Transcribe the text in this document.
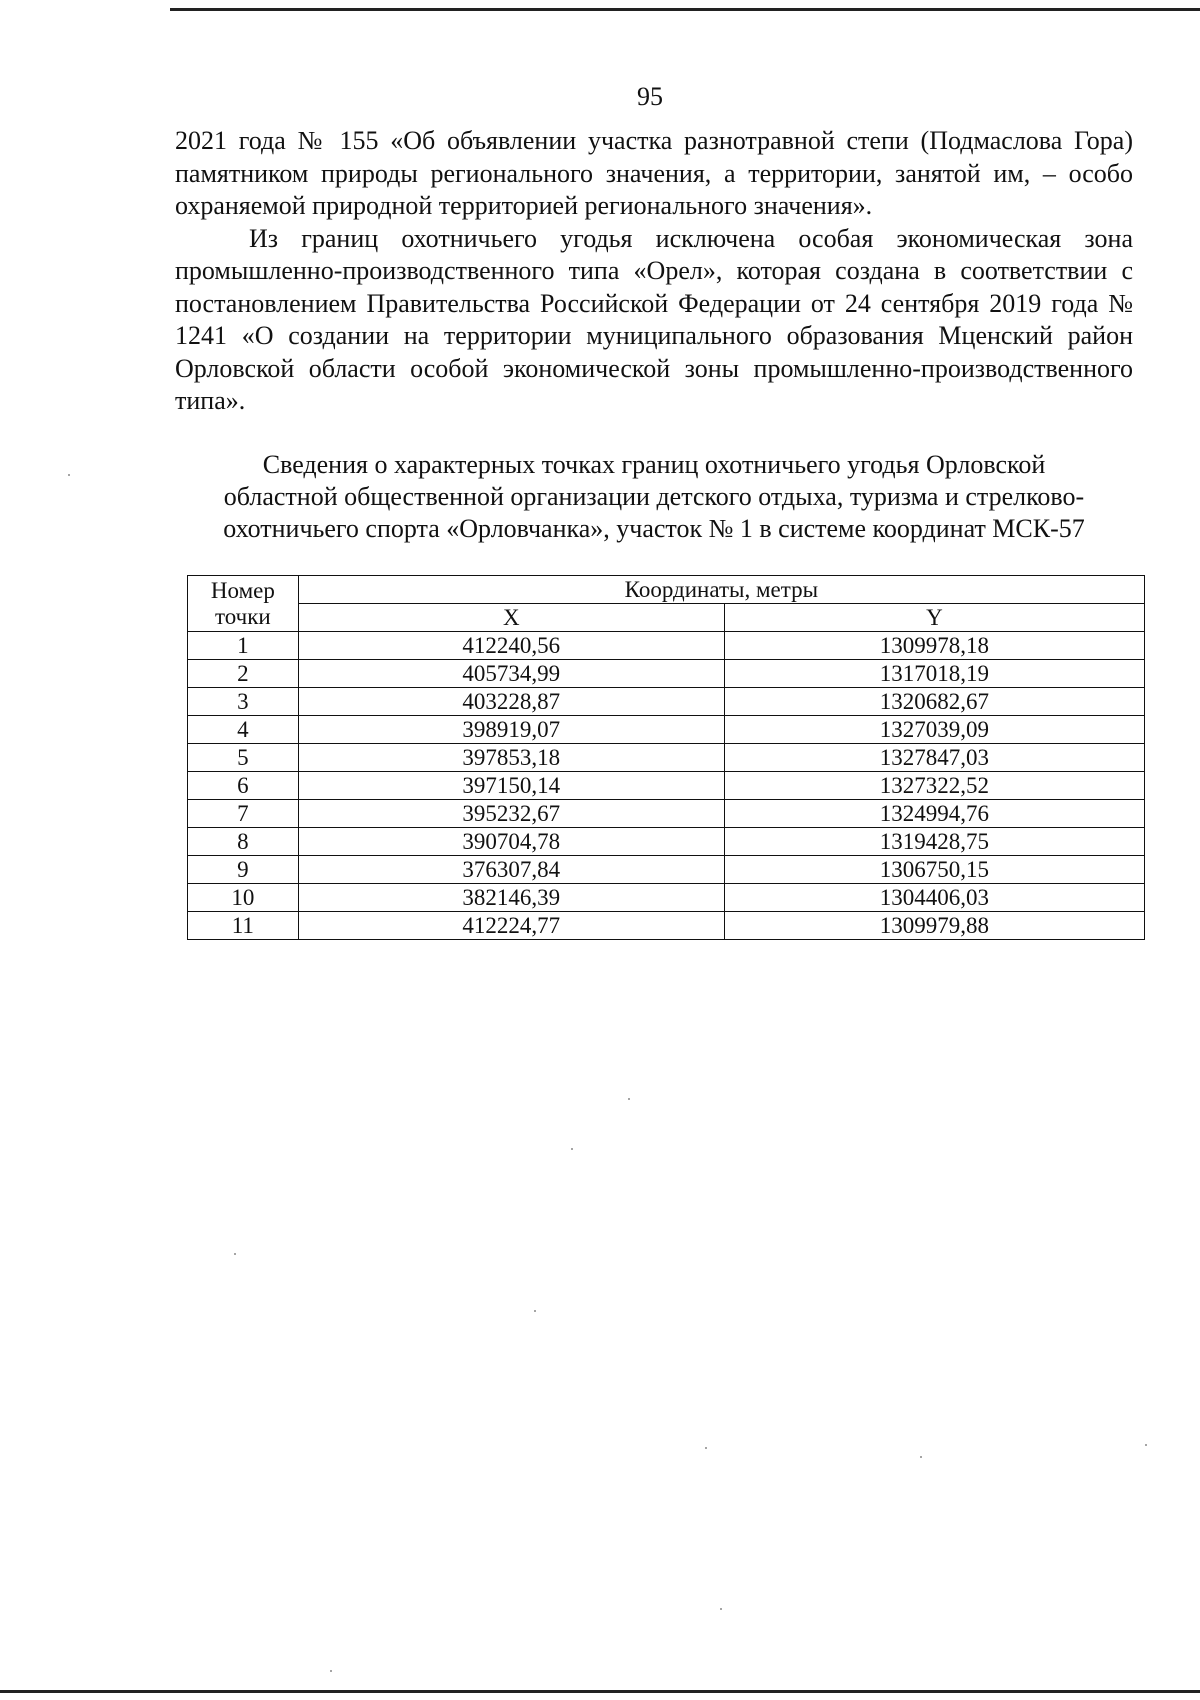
95

2021 года № 155 «Об объявлении участка разнотравной степи (Подмаслова Гора) памятником природы регионального значения, а территории, занятой им, – особо охраняемой природной территорией регионального значения».

Из границ охотничьего угодья исключена особая экономическая зона промышленно-производственного типа «Орел», которая создана в соответствии с постановлением Правительства Российской Федерации от 24 сентября 2019 года № 1241 «О создании на территории муниципального образования Мценский район Орловской области особой экономической зоны промышленно-производственного типа».

Сведения о характерных точках границ охотничьего угодья Орловской
областной общественной организации детского отдыха, туризма и стрелково-
охотничьего спорта «Орловчанка», участок № 1 в системе координат МСК-57
Номер
точки	Координаты, метры	
	X	Y
1	412240,56	1309978,18
2	405734,99	1317018,19
3	403228,87	1320682,67
4	398919,07	1327039,09
5	397853,18	1327847,03
6	397150,14	1327322,52
7	395232,67	1324994,76
8	390704,78	1319428,75
9	376307,84	1306750,15
10	382146,39	1304406,03
11	412224,77	1309979,88
